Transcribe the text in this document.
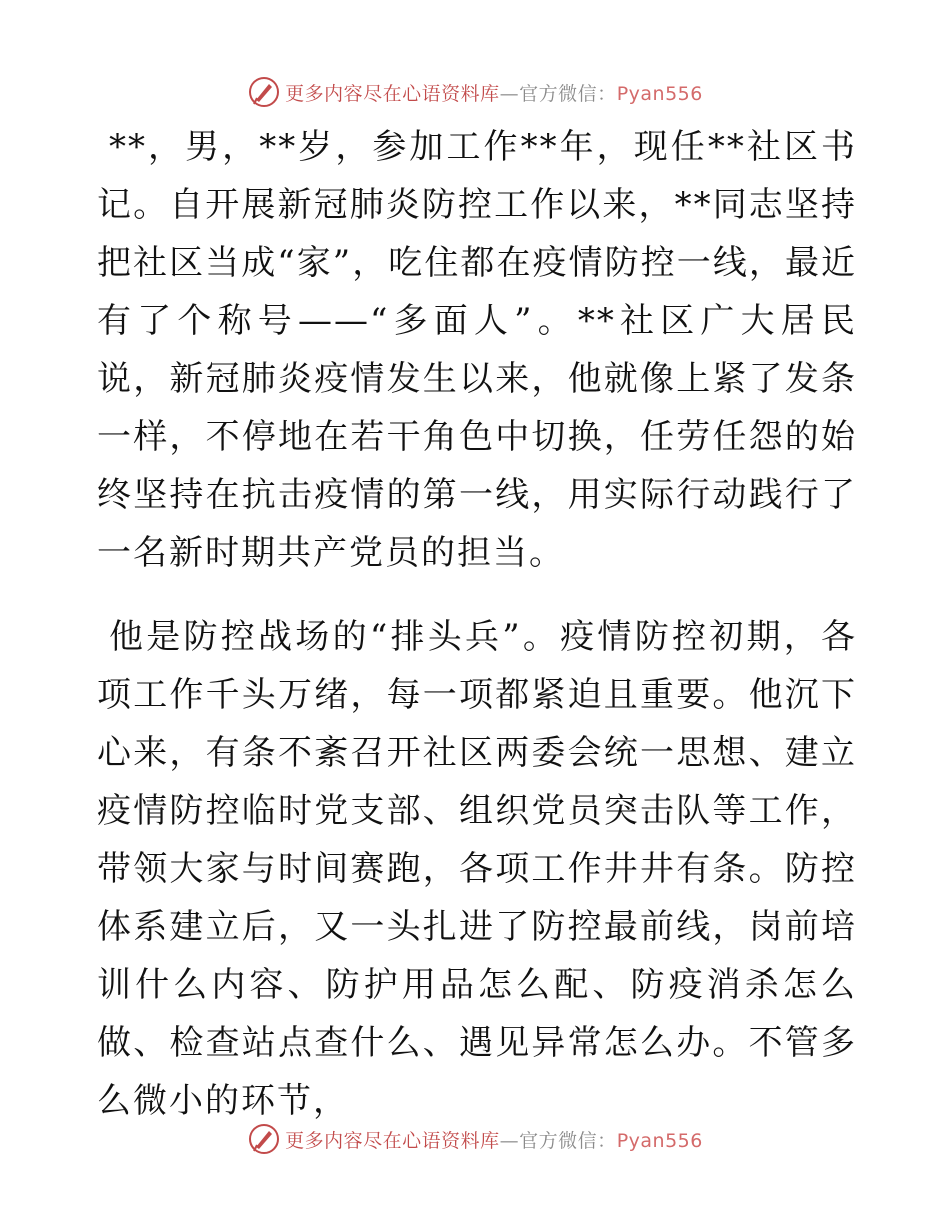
更多内容尽在心语资料库—官方微信：Pyan556

**，男，**岁，参加工作**年，现任**社区书记。自开展新冠肺炎防控工作以来，**同志坚持把社区当成“家”，吃住都在疫情防控一线，最近有了个称号——“多面人”。**社区广大居民说，新冠肺炎疫情发生以来，他就像上紧了发条一样，不停地在若干角色中切换，任劳任怨的始终坚持在抗击疫情的第一线，用实际行动践行了一名新时期共产党员的担当。

他是防控战场的“排头兵”。疫情防控初期，各项工作千头万绪，每一项都紧迫且重要。他沉下心来，有条不紊召开社区两委会统一思想、建立疫情防控临时党支部、组织党员突击队等工作，带领大家与时间赛跑，各项工作井井有条。防控体系建立后，又一头扎进了防控最前线，岗前培训什么内容、防护用品怎么配、防疫消杀怎么做、检查站点查什么、遇见异常怎么办。不管多么微小的环节，

更多内容尽在心语资料库—官方微信：Pyan556
